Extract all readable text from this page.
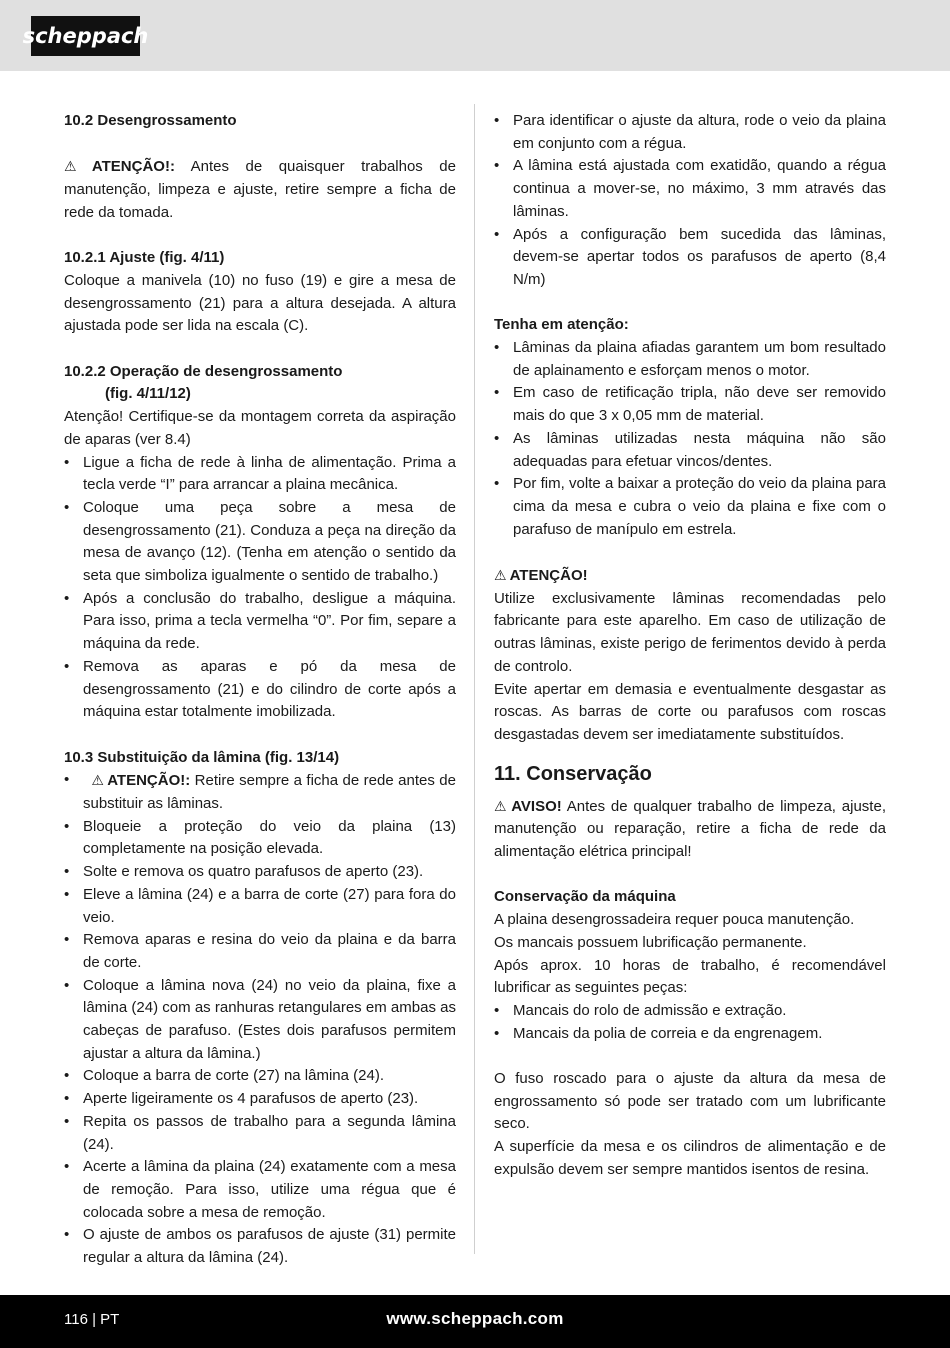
scheppach

10.2 Desengrossamento

⚠ ATENÇÃO!: Antes de quaisquer trabalhos de manutenção, limpeza e ajuste, retire sempre a ficha de rede da tomada.

10.2.1 Ajuste (fig. 4/11)

Coloque a manivela (10) no fuso (19) e gire a mesa de desengrossamento (21) para a altura desejada. A altura ajustada pode ser lida na escala (C).

10.2.2 Operação de desengrossamento

(fig. 4/11/12)

Atenção! Certifique-se da montagem correta da aspiração de aparas (ver 8.4)

• Ligue a ficha de rede à linha de alimentação. Prima a tecla verde “I” para arrancar a plaina mecânica.
• Coloque uma peça sobre a mesa de desengrossamento (21). Conduza a peça na direção da mesa de avanço (12). (Tenha em atenção o sentido da seta que simboliza igualmente o sentido de trabalho.)
• Após a conclusão do trabalho, desligue a máquina. Para isso, prima a tecla vermelha “0”. Por fim, separe a máquina da rede.
• Remova as aparas e pó da mesa de desengrossamento (21) e do cilindro de corte após a máquina estar totalmente imobilizada.

10.3 Substituição da lâmina (fig. 13/14)

•   ⚠ ATENÇÃO!: Retire sempre a ficha de rede antes de substituir as lâminas.
• Bloqueie a proteção do veio da plaina (13) completamente na posição elevada.
• Solte e remova os quatro parafusos de aperto (23).
• Eleve a lâmina (24) e a barra de corte (27) para fora do veio.
• Remova aparas e resina do veio da plaina e da barra de corte.
• Coloque a lâmina nova (24) no veio da plaina, fixe a lâmina (24) com as ranhuras retangulares em ambas as cabeças de parafuso. (Estes dois parafusos permitem ajustar a altura da lâmina.)
• Coloque a barra de corte (27) na lâmina (24).
• Aperte ligeiramente os 4 parafusos de aperto (23).
• Repita os passos de trabalho para a segunda lâmina (24).
• Acerte a lâmina da plaina (24) exatamente com a mesa de remoção. Para isso, utilize uma régua que é colocada sobre a mesa de remoção.
• O ajuste de ambos os parafusos de ajuste (31) permite regular a altura da lâmina (24).
• Para identificar o ajuste da altura, rode o veio da plaina em conjunto com a régua.
• A lâmina está ajustada com exatidão, quando a régua continua a mover-se, no máximo, 3 mm através das lâminas.
• Após a configuração bem sucedida das lâminas, devem-se apertar todos os parafusos de aperto (8,4 N/m)

Tenha em atenção:

• Lâminas da plaina afiadas garantem um bom resultado de aplainamento e esforçam menos o motor.
• Em caso de retificação tripla, não deve ser removido mais do que 3 x 0,05 mm de material.
• As lâminas utilizadas nesta máquina não são adequadas para efetuar vincos/dentes.
• Por fim, volte a baixar a proteção do veio da plaina para cima da mesa e cubra o veio da plaina e fixe com o parafuso de manípulo em estrela.

⚠ ATENÇÃO!

Utilize exclusivamente lâminas recomendadas pelo fabricante para este aparelho. Em caso de utilização de outras lâminas, existe perigo de ferimentos devido à perda de controlo.

Evite apertar em demasia e eventualmente desgastar as roscas. As barras de corte ou parafusos com roscas desgastadas devem ser imediatamente substituídos.

11. Conservação

⚠ AVISO! Antes de qualquer trabalho de limpeza, ajuste, manutenção ou reparação, retire a ficha de rede da alimentação elétrica principal!

Conservação da máquina

A plaina desengrossadeira requer pouca manutenção.

Os mancais possuem lubrificação permanente.

Após aprox. 10 horas de trabalho, é recomendável lubrificar as seguintes peças:

• Mancais do rolo de admissão e extração.
• Mancais da polia de correia e da engrenagem.

O fuso roscado para o ajuste da altura da mesa de engrossamento só pode ser tratado com um lubrificante seco.

A superfície da mesa e os cilindros de alimentação e de expulsão devem ser sempre mantidos isentos de resina.

116 | PT	www.scheppach.com
